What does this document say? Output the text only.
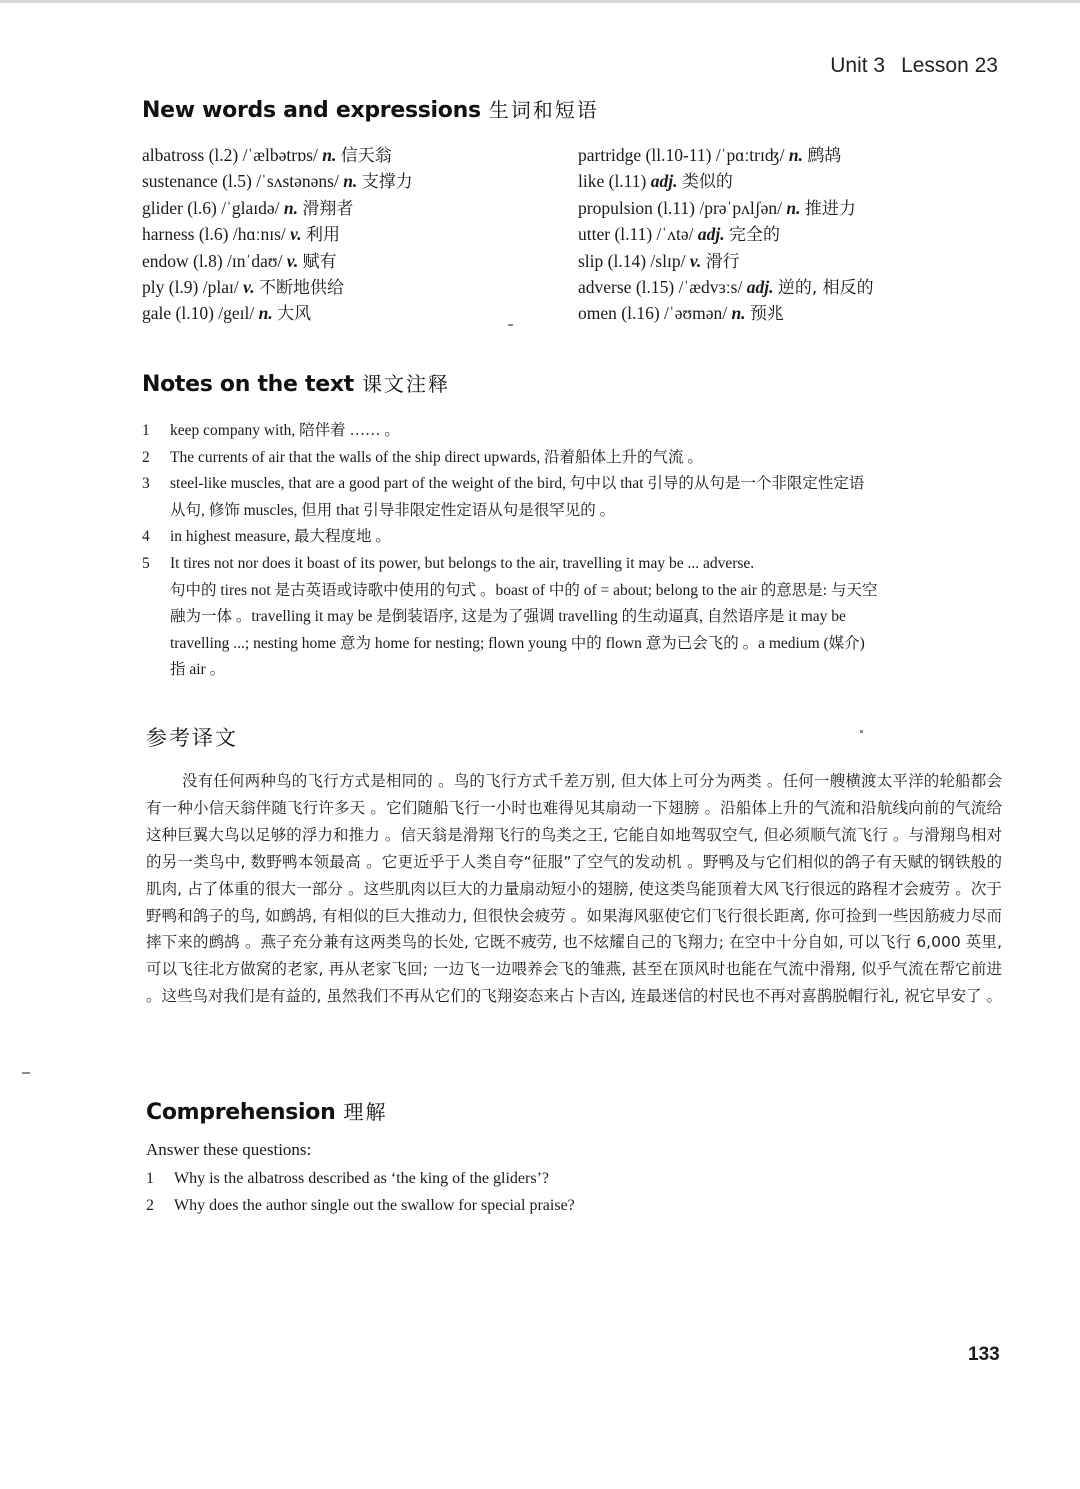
Unit 3 Lesson 23
New words and expressions 生词和短语
albatross (l.2) /ˈælbətrɒs/ n. 信天翁
sustenance (l.5) /ˈsʌstənəns/ n. 支撑力
glider (l.6) /ˈglaɪdə/ n. 滑翔者
harness (l.6) /hɑːnɪs/ v. 利用
endow (l.8) /ɪnˈdaʊ/ v. 赋有
ply (l.9) /plaɪ/ v. 不断地供给
gale (l.10) /geɪl/ n. 大风
partridge (ll.10-11) /ˈpɑːtrɪʤ/ n. 鹧鸪
like (l.11) adj. 类似的
propulsion (l.11) /prəˈpʌlʃən/ n. 推进力
utter (l.11) /ˈʌtə/ adj. 完全的
slip (l.14) /slɪp/ v. 滑行
adverse (l.15) /ˈædvɜːs/ adj. 逆的, 相反的
omen (l.16) /ˈəʊmən/ n. 预兆
Notes on the text 课文注释
1 keep company with, 陪伴着 …… 。
2 The currents of air that the walls of the ship direct upwards, 沿着船体上升的气流 。
3 steel-like muscles, that are a good part of the weight of the bird, 句中以 that 引导的从句是一个非限定性定语
从句, 修饰 muscles, 但用 that 引导非限定性定语从句是很罕见的 。
4 in highest measure, 最大程度地 。
5 It tires not nor does it boast of its power, but belongs to the air, travelling it may be ... adverse.
句中的 tires not 是古英语或诗歌中使用的句式 。boast of 中的 of = about; belong to the air 的意思是: 与天空
融为一体 。travelling it may be 是倒装语序, 这是为了强调 travelling 的生动逼真, 自然语序是 it may be
travelling ...; nesting home 意为 home for nesting; flown young 中的 flown 意为已会飞的 。a medium (媒介)
指 air 。
参考译文

没有任何两种鸟的飞行方式是相同的 。鸟的飞行方式千差万别, 但大体上可分为两类 。任何一艘横渡太平洋的轮船都会有一种小信天翁伴随飞行许多天 。它们随船飞行一小时也难得见其扇动一下翅膀 。沿船体上升的气流和沿航线向前的气流给这种巨翼大鸟以足够的浮力和推力 。信天翁是滑翔飞行的鸟类之王, 它能自如地驾驭空气, 但必须顺气流飞行 。与滑翔鸟相对的另一类鸟中, 数野鸭本领最高 。它更近乎于人类自夸“征服”了空气的发动机 。野鸭及与它们相似的鸽子有天赋的钢铁般的肌肉, 占了体重的很大一部分 。这些肌肉以巨大的力量扇动短小的翅膀, 使这类鸟能顶着大风飞行很远的路程才会疲劳 。次于野鸭和鸽子的鸟, 如鹧鸪, 有相似的巨大推动力, 但很快会疲劳 。如果海风驱使它们飞行很长距离, 你可捡到一些因筋疲力尽而摔下来的鹧鸪 。燕子充分兼有这两类鸟的长处, 它既不疲劳, 也不炫耀自己的飞翔力; 在空中十分自如, 可以飞行 6,000 英里, 可以飞往北方做窝的老家, 再从老家飞回; 一边飞一边喂养会飞的雏燕, 甚至在顶风时也能在气流中滑翔, 似乎气流在帮它前进 。这些鸟对我们是有益的, 虽然我们不再从它们的飞翔姿态来占卜吉凶, 连最迷信的村民也不再对喜鹊脱帽行礼, 祝它早安了 。

Comprehension 理解

Answer these questions:

1 Why is the albatross described as ‘the king of the gliders’?
2 Why does the author single out the swallow for special praise?
133
